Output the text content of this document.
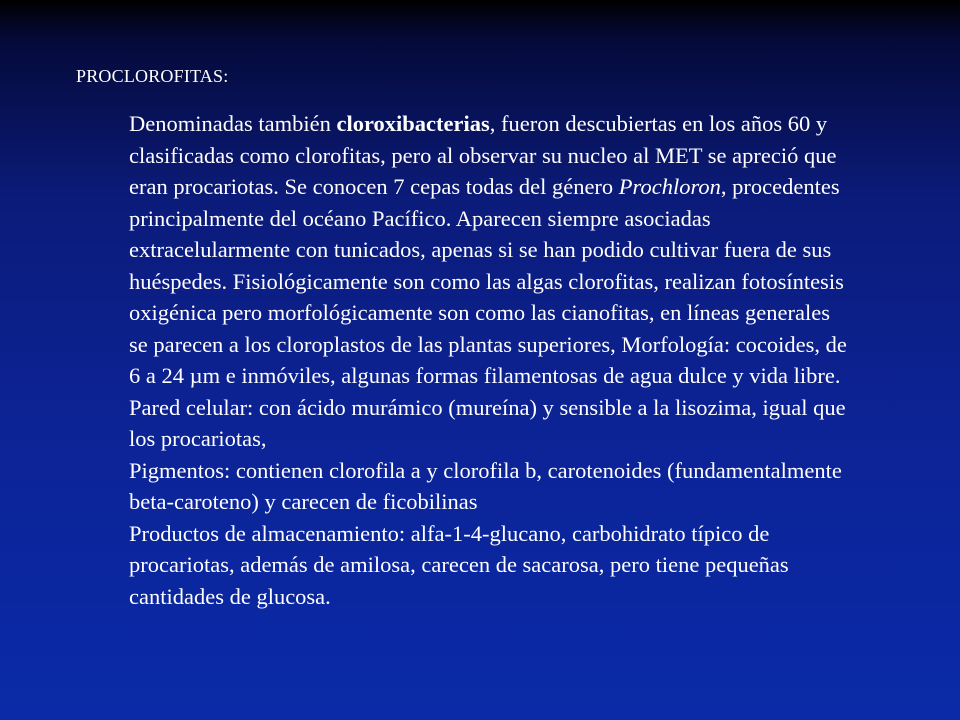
PROCLOROFITAS:

Denominadas también cloroxibacterias, fueron descubiertas en los años 60 y clasificadas como clorofitas, pero al observar su nucleo al MET se apreció que eran procariotas. Se conocen 7 cepas todas del género Prochloron, procedentes principalmente del océano Pacífico. Aparecen siempre asociadas extracelularmente con tunicados, apenas si se han podido cultivar fuera de sus huéspedes. Fisiológicamente son como las algas clorofitas, realizan fotosíntesis oxigénica pero morfológicamente son como las cianofitas, en líneas generales se parecen a los cloroplastos de las plantas superiores, Morfología: cocoides, de 6 a 24 µm e inmóviles, algunas formas filamentosas de agua dulce y vida libre.

Pared celular: con ácido murámico (mureína) y sensible a la lisozima, igual que los procariotas,

Pigmentos: contienen clorofila a y clorofila b, carotenoides (fundamentalmente beta-caroteno) y carecen de ficobilinas

Productos de almacenamiento: alfa-1-4-glucano, carbohidrato típico de procariotas, además de amilosa, carecen de sacarosa, pero tiene pequeñas cantidades de glucosa.
